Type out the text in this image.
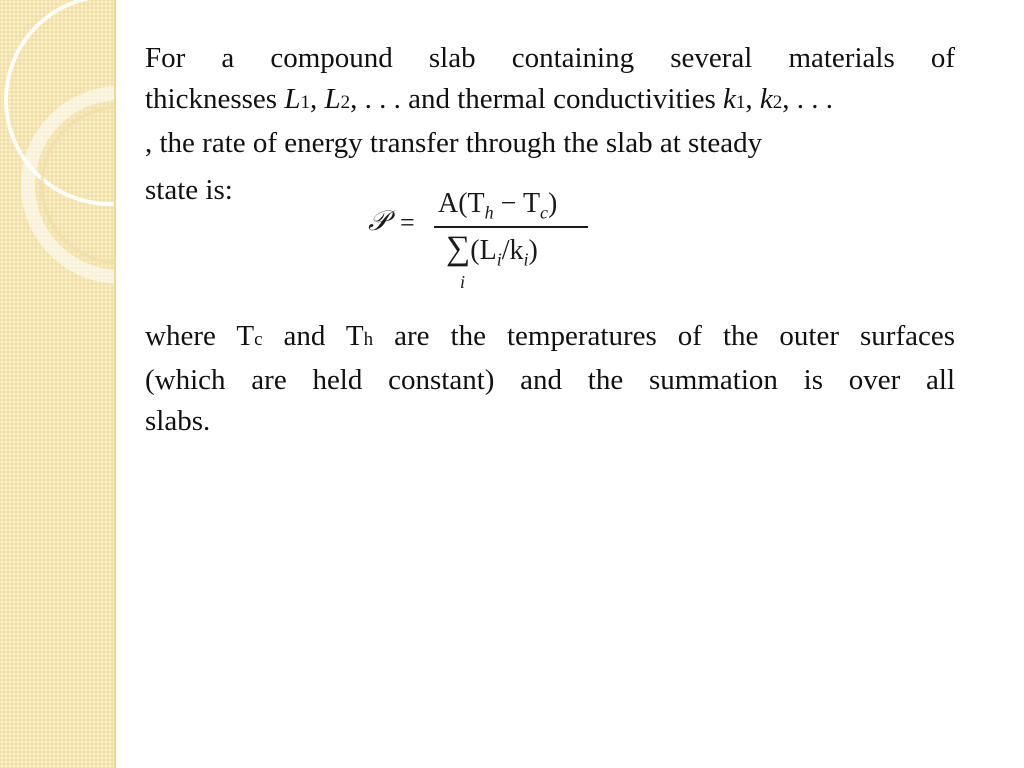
For a compound slab containing several materials of
thicknesses L1, L2, . . . and thermal conductivities k1, k2, . . .
, the rate of energy transfer through the slab at steady

state is:

𝒫 =
$A(T_h - T_c)$
$\sum(L_i/k_i)$
i

where Tc and Th are the temperatures of the outer surfaces
(which are held constant) and the summation is over all
slabs.
